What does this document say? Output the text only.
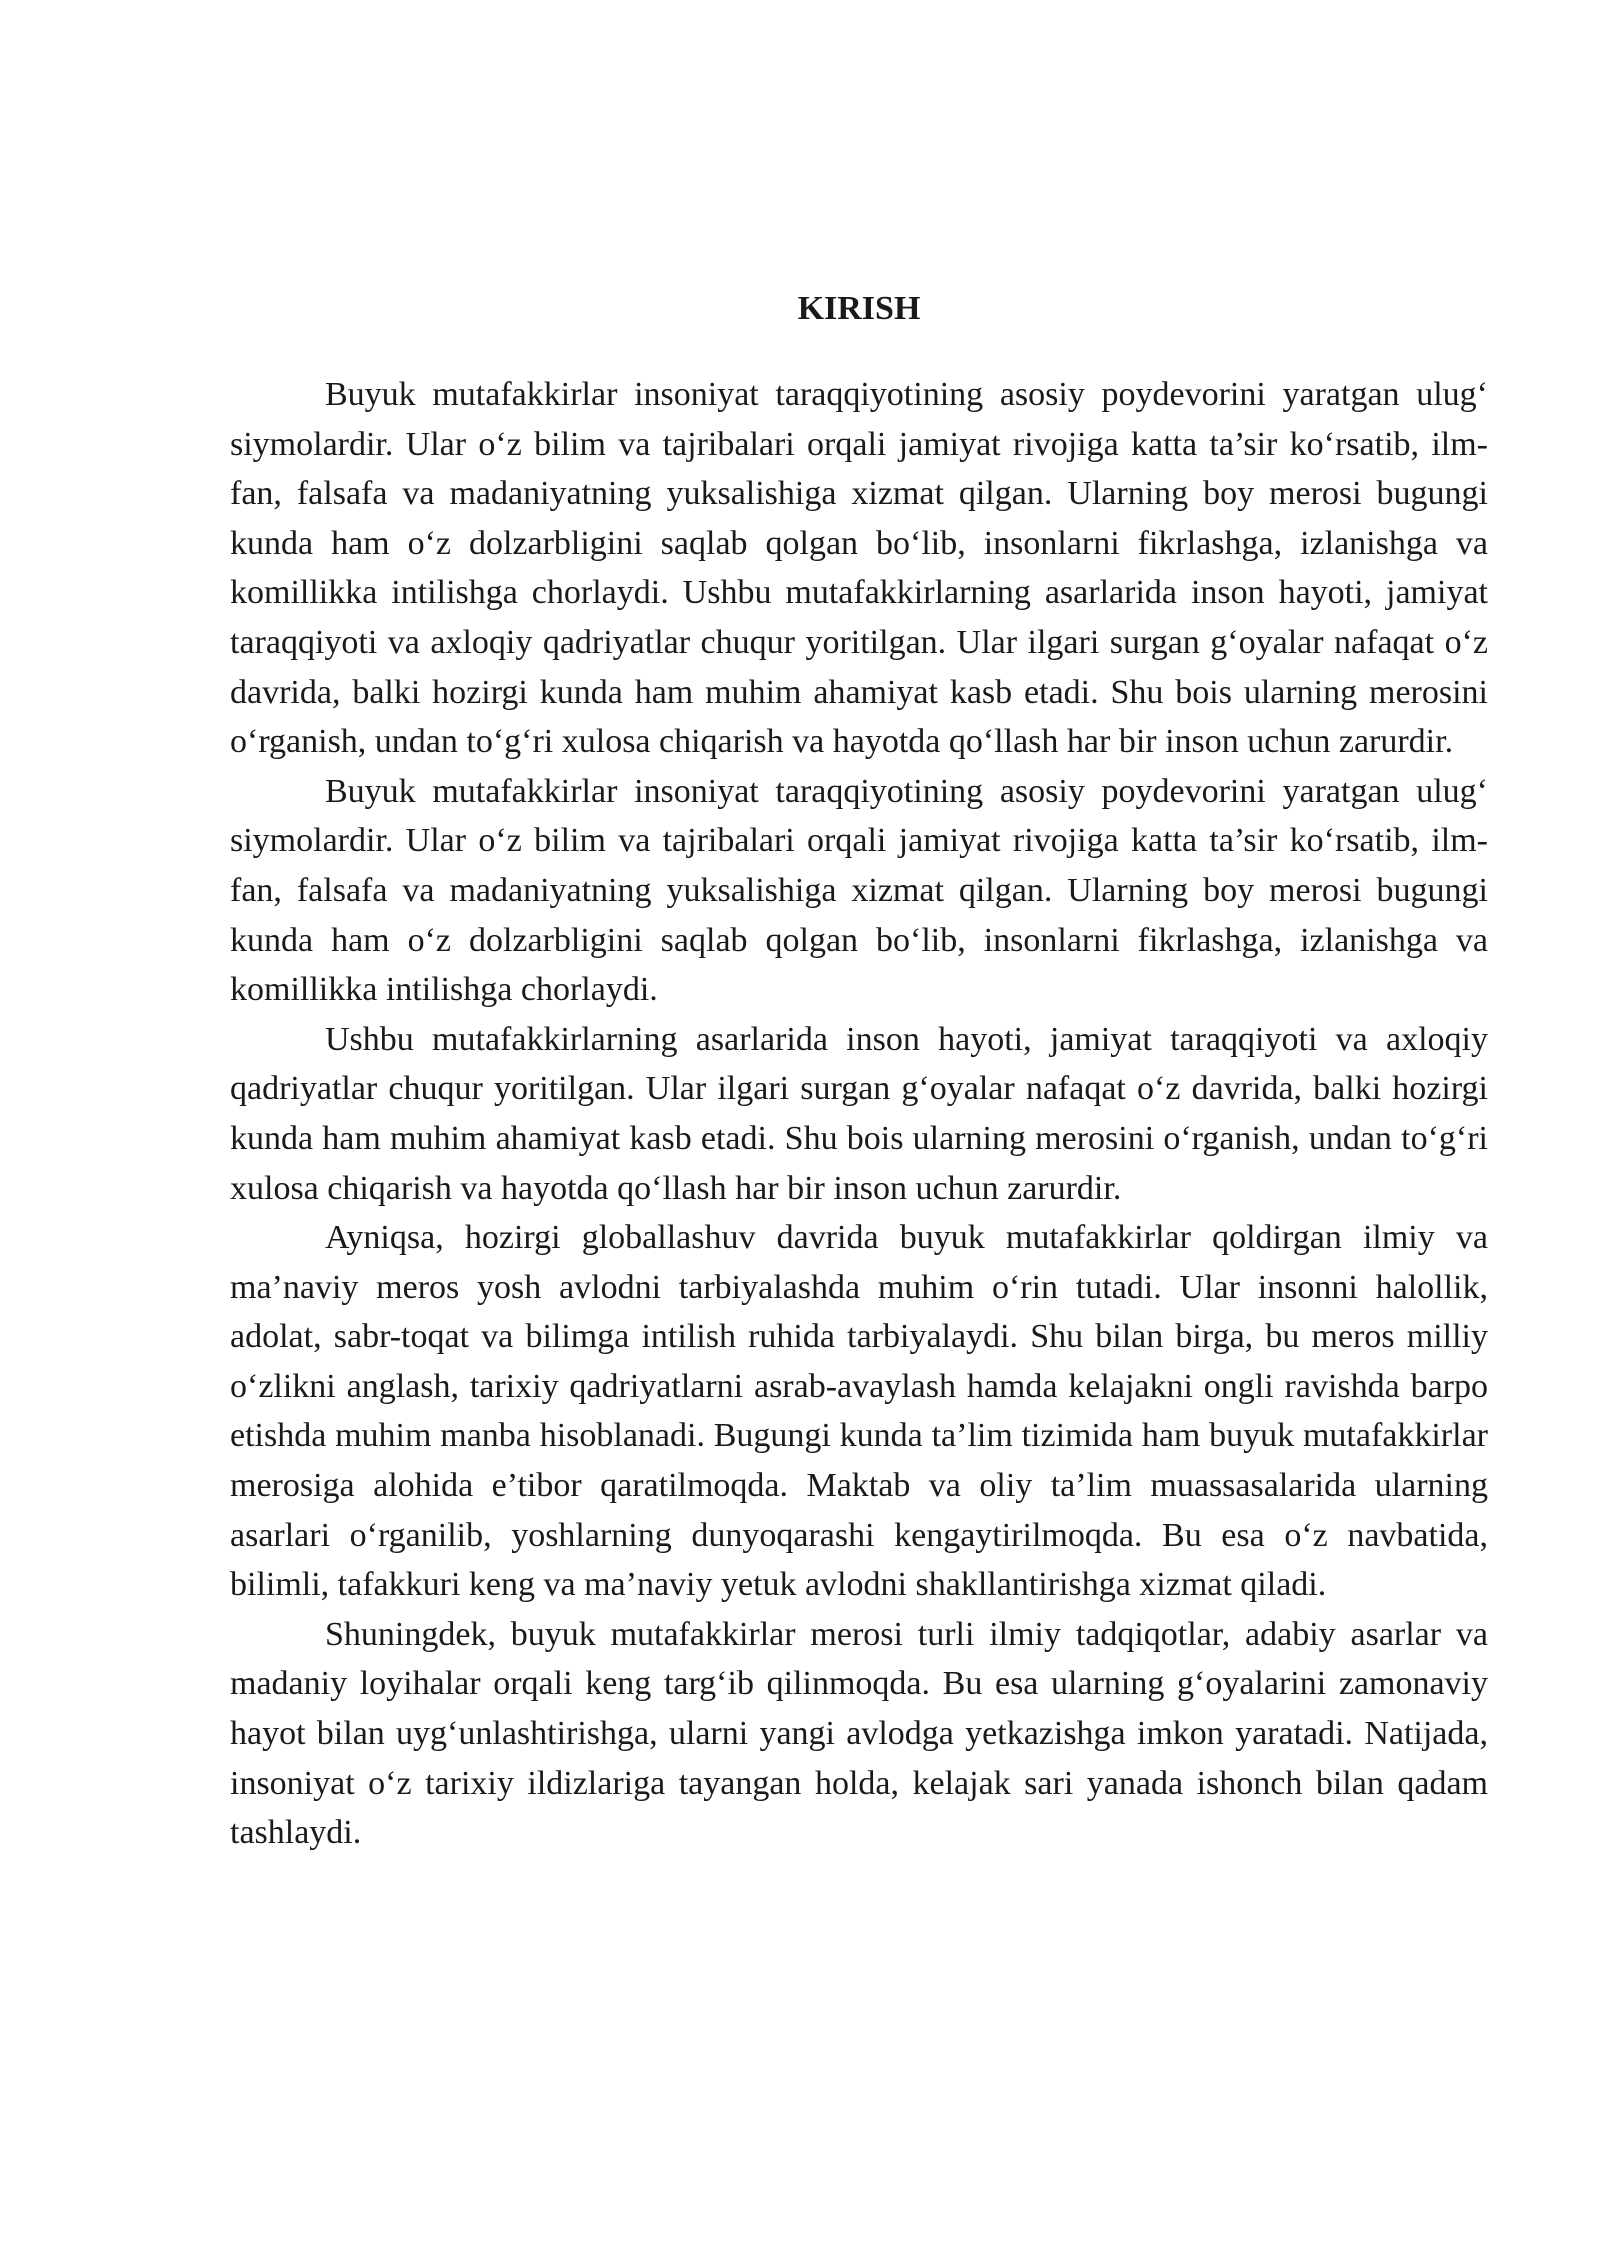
KIRISH

Buyuk mutafakkirlar insoniyat taraqqiyotining asosiy poydevorini yaratgan ulug‘ siymolardir. Ular o‘z bilim va tajribalari orqali jamiyat rivojiga katta ta’sir ko‘rsatib, ilm-fan, falsafa va madaniyatning yuksalishiga xizmat qilgan. Ularning boy merosi bugungi kunda ham o‘z dolzarbligini saqlab qolgan bo‘lib, insonlarni fikrlashga, izlanishga va komillikka intilishga chorlaydi. Ushbu mutafakkirlarning asarlarida inson hayoti, jamiyat taraqqiyoti va axloqiy qadriyatlar chuqur yoritilgan. Ular ilgari surgan g‘oyalar nafaqat o‘z davrida, balki hozirgi kunda ham muhim ahamiyat kasb etadi. Shu bois ularning merosini o‘rganish, undan to‘g‘ri xulosa chiqarish va hayotda qo‘llash har bir inson uchun zarurdir.

Buyuk mutafakkirlar insoniyat taraqqiyotining asosiy poydevorini yaratgan ulug‘ siymolardir. Ular o‘z bilim va tajribalari orqali jamiyat rivojiga katta ta’sir ko‘rsatib, ilm-fan, falsafa va madaniyatning yuksalishiga xizmat qilgan. Ularning boy merosi bugungi kunda ham o‘z dolzarbligini saqlab qolgan bo‘lib, insonlarni fikrlashga, izlanishga va komillikka intilishga chorlaydi.

Ushbu mutafakkirlarning asarlarida inson hayoti, jamiyat taraqqiyoti va axloqiy qadriyatlar chuqur yoritilgan. Ular ilgari surgan g‘oyalar nafaqat o‘z davrida, balki hozirgi kunda ham muhim ahamiyat kasb etadi. Shu bois ularning merosini o‘rganish, undan to‘g‘ri xulosa chiqarish va hayotda qo‘llash har bir inson uchun zarurdir.

Ayniqsa, hozirgi globallashuv davrida buyuk mutafakkirlar qoldirgan ilmiy va ma’naviy meros yosh avlodni tarbiyalashda muhim o‘rin tutadi. Ular insonni halollik, adolat, sabr-toqat va bilimga intilish ruhida tarbiyalaydi. Shu bilan birga, bu meros milliy o‘zlikni anglash, tarixiy qadriyatlarni asrab-avaylash hamda kelajakni ongli ravishda barpo etishda muhim manba hisoblanadi. Bugungi kunda ta’lim tizimida ham buyuk mutafakkirlar merosiga alohida e’tibor qaratilmoqda. Maktab va oliy ta’lim muassasalarida ularning asarlari o‘rganilib, yoshlarning dunyoqarashi kengaytirilmoqda. Bu esa o‘z navbatida, bilimli, tafakkuri keng va ma’naviy yetuk avlodni shakllantirishga xizmat qiladi.

Shuningdek, buyuk mutafakkirlar merosi turli ilmiy tadqiqotlar, adabiy asarlar va madaniy loyihalar orqali keng targ‘ib qilinmoqda. Bu esa ularning g‘oyalarini zamonaviy hayot bilan uyg‘unlashtirishga, ularni yangi avlodga yetkazishga imkon yaratadi. Natijada, insoniyat o‘z tarixiy ildizlariga tayangan holda, kelajak sari yanada ishonch bilan qadam tashlaydi.
